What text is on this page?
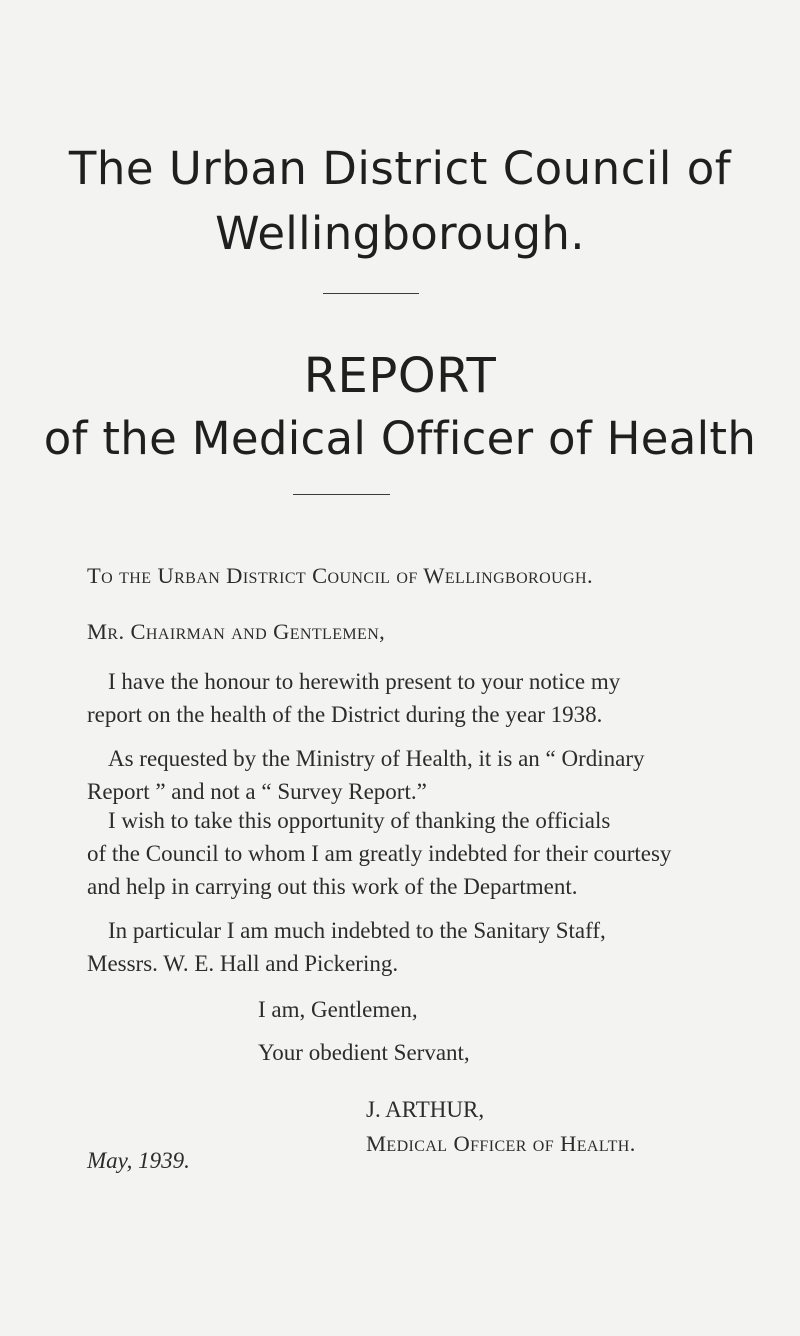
The Urban District Council of
Wellingborough.
REPORT
of the Medical Officer of Health
To the Urban District Council of Wellingborough.
Mr. Chairman and Gentlemen,
I have the honour to herewith present to your notice my
report on the health of the District during the year 1938.
As requested by the Ministry of Health, it is an “ Ordinary
Report ” and not a “ Survey Report.”
I wish to take this opportunity of thanking the officials
of the Council to whom I am greatly indebted for their courtesy
and help in carrying out this work of the Department.
In particular I am much indebted to the Sanitary Staff,
Messrs. W. E. Hall and Pickering.
I am, Gentlemen,
Your obedient Servant,
J. ARTHUR,
Medical Officer of Health.
May, 1939.
